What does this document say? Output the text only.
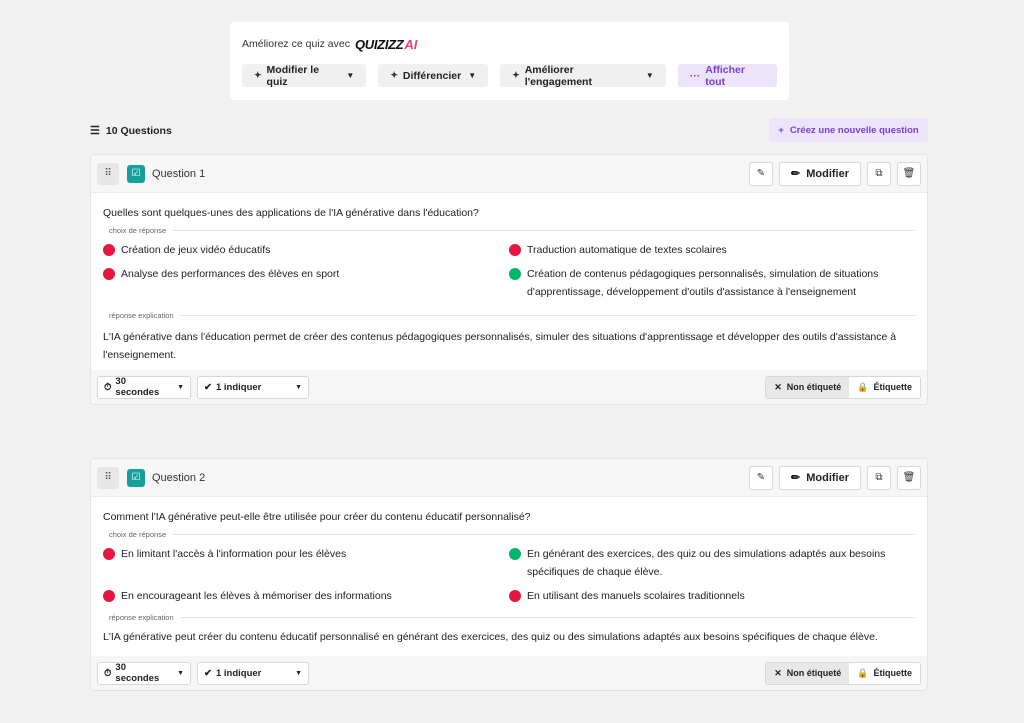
Améliorez ce quiz avec QUIZIZZ AI
✦ Modifier le quiz	▼	✦ Différencier ▼	✦ Améliorer l'engagement	▼	··· Afficher tout
☰ 10 Questions	+ Créez une nouvelle question
⠿	☑	Question 1	✎ ✏ Modifier	⧉ 🗑
Quelles sont quelques-unes des applications de l'IA générative dans l'éducation?
choix de réponse
Création de jeux vidéo éducatifs	Traduction automatique de textes scolaires
Analyse des performances des élèves en sport	Création de contenus pédagogiques personnalisés, simulation de situations d'apprentissage, développement d'outils d'assistance à l'enseignement
réponse explication
L'IA générative dans l'éducation permet de créer des contenus pédagogiques personnalisés, simuler des situations d'apprentissage et développer des outils d'assistance à l'enseignement.
⏱ 30 secondes	▼ ✔ 1 indiquer	▼	✕ Non étiqueté 🔒 Étiquette
⠿	☑	Question 2	✎ ✏ Modifier	⧉ 🗑
Comment l'IA générative peut-elle être utilisée pour créer du contenu éducatif personnalisé?
choix de réponse
En limitant l'accès à l'information pour les élèves	En générant des exercices, des quiz ou des simulations adaptés aux besoins spécifiques de chaque élève.
En encourageant les élèves à mémoriser des informations	En utilisant des manuels scolaires traditionnels
réponse explication
L'IA générative peut créer du contenu éducatif personnalisé en générant des exercices, des quiz ou des simulations adaptés aux besoins spécifiques de chaque élève.
⏱ 30 secondes	▼ ✔ 1 indiquer	▼	✕ Non étiqueté 🔒 Étiquette
